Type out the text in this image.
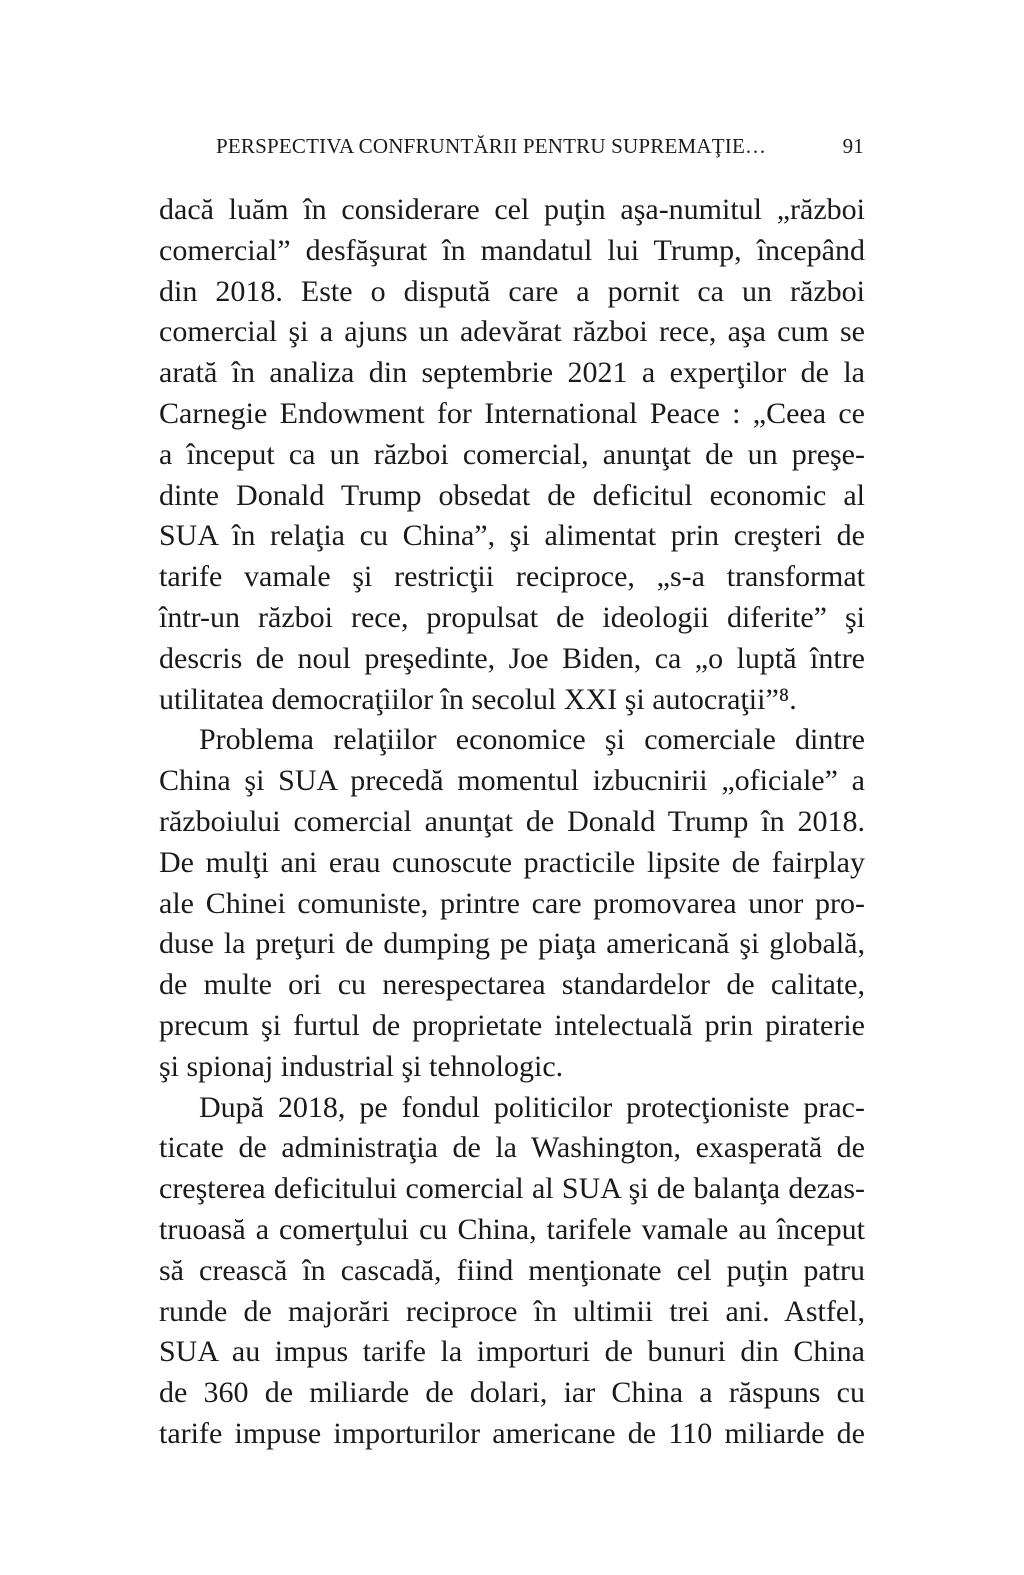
PERSPECTIVA CONFRUNTĂRII PENTRU SUPREMAŢIE…	91
dacă luăm în considerare cel puţin aşa-numitul „război
comercial” desfăşurat în mandatul lui Trump, începând
din 2018. Este o dispută care a pornit ca un război
comercial şi a ajuns un adevărat război rece, aşa cum se
arată în analiza din septembrie 2021 a experţilor de la
Carnegie Endowment for International Peace : „Ceea ce
a început ca un război comercial, anunţat de un preşe-
dinte Donald Trump obsedat de deficitul economic al
SUA în relaţia cu China”, şi alimentat prin creşteri de
tarife vamale şi restricţii reciproce, „s-a transformat
într-un război rece, propulsat de ideologii diferite” şi
descris de noul preşedinte, Joe Biden, ca „o luptă între
utilitatea democraţiilor în secolul XXI şi autocraţii”⁸.
Problema relaţiilor economice şi comerciale dintre
China şi SUA precedă momentul izbucnirii „oficiale” a
războiului comercial anunţat de Donald Trump în 2018.
De mulţi ani erau cunoscute practicile lipsite de fairplay
ale Chinei comuniste, printre care promovarea unor pro-
duse la preţuri de dumping pe piaţa americană şi globală,
de multe ori cu nerespectarea standardelor de calitate,
precum şi furtul de proprietate intelectuală prin piraterie
şi spionaj industrial şi tehnologic.
După 2018, pe fondul politicilor protecţioniste prac-
ticate de administraţia de la Washington, exasperată de
creşterea deficitului comercial al SUA şi de balanţa dezas-
truoasă a comerţului cu China, tarifele vamale au început
să crească în cascadă, fiind menţionate cel puţin patru
runde de majorări reciproce în ultimii trei ani. Astfel,
SUA au impus tarife la importuri de bunuri din China
de 360 de miliarde de dolari, iar China a răspuns cu
tarife impuse importurilor americane de 110 miliarde de
